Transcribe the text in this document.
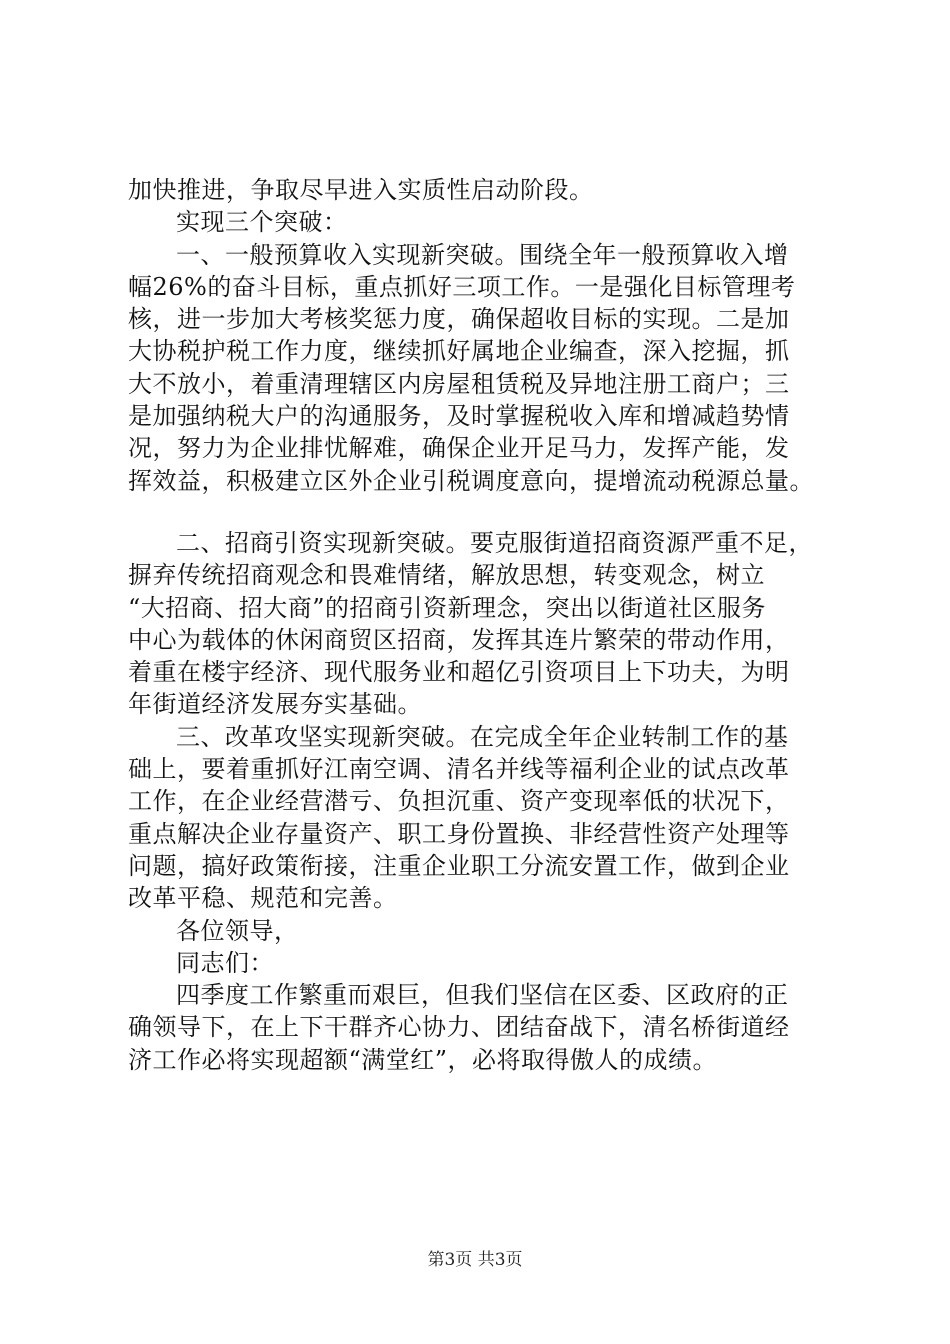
加快推进，争取尽早进入实质性启动阶段。
实现三个突破：
一、一般预算收入实现新突破。围绕全年一般预算收入增
幅26%的奋斗目标，重点抓好三项工作。一是强化目标管理考
核，进一步加大考核奖惩力度，确保超收目标的实现。二是加
大协税护税工作力度，继续抓好属地企业编查，深入挖掘，抓
大不放小，着重清理辖区内房屋租赁税及异地注册工商户；三
是加强纳税大户的沟通服务，及时掌握税收入库和增减趋势情
况，努力为企业排忧解难，确保企业开足马力，发挥产能，发
挥效益，积极建立区外企业引税调度意向，提增流动税源总量。
二、招商引资实现新突破。要克服街道招商资源严重不足，
摒弃传统招商观念和畏难情绪，解放思想，转变观念，树立
“大招商、招大商”的招商引资新理念，突出以街道社区服务
中心为载体的休闲商贸区招商，发挥其连片繁荣的带动作用，
着重在楼宇经济、现代服务业和超亿引资项目上下功夫，为明
年街道经济发展夯实基础。
三、改革攻坚实现新突破。在完成全年企业转制工作的基
础上，要着重抓好江南空调、清名并线等福利企业的试点改革
工作，在企业经营潜亏、负担沉重、资产变现率低的状况下，
重点解决企业存量资产、职工身份置换、非经营性资产处理等
问题，搞好政策衔接，注重企业职工分流安置工作，做到企业
改革平稳、规范和完善。
各位领导，
同志们：
四季度工作繁重而艰巨，但我们坚信在区委、区政府的正
确领导下，在上下干群齐心协力、团结奋战下，清名桥街道经
济工作必将实现超额“满堂红”，必将取得傲人的成绩。
第3页 共3页
